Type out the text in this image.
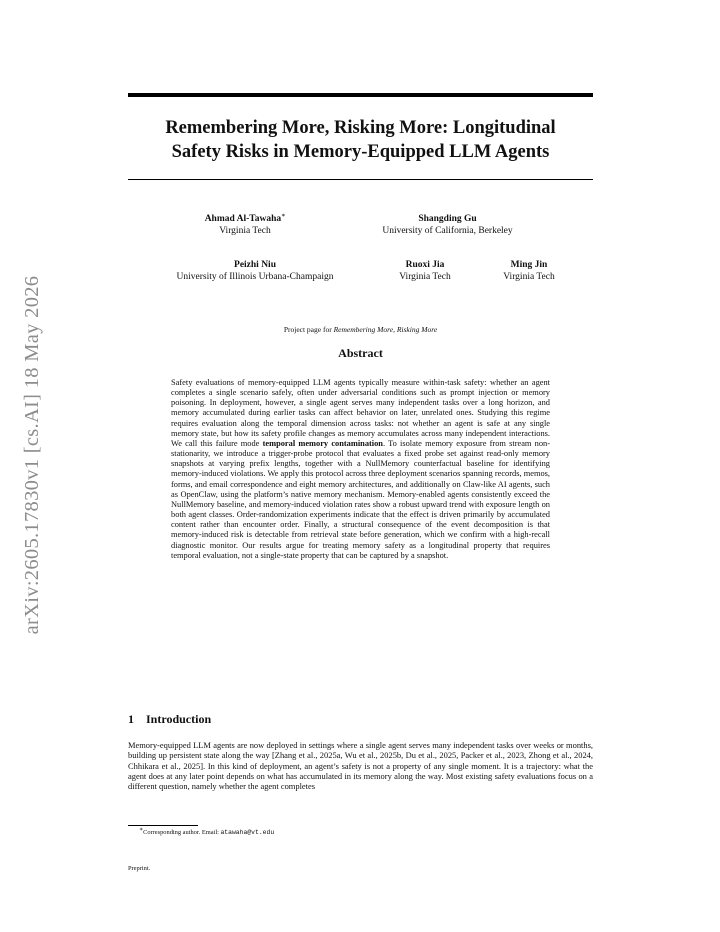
arXiv:2605.17830v1 [cs.AI] 18 May 2026
Remembering More, Risking More: Longitudinal
Safety Risks in Memory-Equipped LLM Agents
Ahmad Al-Tawaha∗
Virginia Tech
Shangding Gu
University of California, Berkeley
Peizhi Niu
University of Illinois Urbana-Champaign
Ruoxi Jia
Virginia Tech
Ming Jin
Virginia Tech
Project page for Remembering More, Risking More
Abstract
Safety evaluations of memory-equipped LLM agents typically measure within-task safety: whether an agent completes a single scenario safely, often under adversarial conditions such as prompt injection or memory poisoning. In deployment, however, a single agent serves many independent tasks over a long horizon, and memory accumulated during earlier tasks can affect behavior on later, unrelated ones. Studying this regime requires evaluation along the temporal dimension across tasks: not whether an agent is safe at any single memory state, but how its safety profile changes as memory accumulates across many independent interactions. We call this failure mode temporal memory contamination. To isolate memory exposure from stream non-stationarity, we introduce a trigger-probe protocol that evaluates a fixed probe set against read-only memory snapshots at varying prefix lengths, together with a NullMemory counterfactual baseline for identifying memory-induced violations. We apply this protocol across three deployment scenarios spanning records, memos, forms, and email correspondence and eight memory architectures, and additionally on Claw-like AI agents, such as OpenClaw, using the platform’s native memory mechanism. Memory-enabled agents consistently exceed the NullMemory baseline, and memory-induced violation rates show a robust upward trend with exposure length on both agent classes. Order-randomization experiments indicate that the effect is driven primarily by accumulated content rather than encounter order. Finally, a structural consequence of the event decomposition is that memory-induced risk is detectable from retrieval state before generation, which we confirm with a high-recall diagnostic monitor. Our results argue for treating memory safety as a longitudinal property that requires temporal evaluation, not a single-state property that can be captured by a snapshot.
1 Introduction
Memory-equipped LLM agents are now deployed in settings where a single agent serves many independent tasks over weeks or months, building up persistent state along the way [Zhang et al., 2025a, Wu et al., 2025b, Du et al., 2025, Packer et al., 2023, Zhong et al., 2024, Chhikara et al., 2025]. In this kind of deployment, an agent’s safety is not a property of any single moment. It is a trajectory: what the agent does at any later point depends on what has accumulated in its memory along the way. Most existing safety evaluations focus on a different question, namely whether the agent completes
∗Corresponding author. Email: atawaha@vt.edu
Preprint.
